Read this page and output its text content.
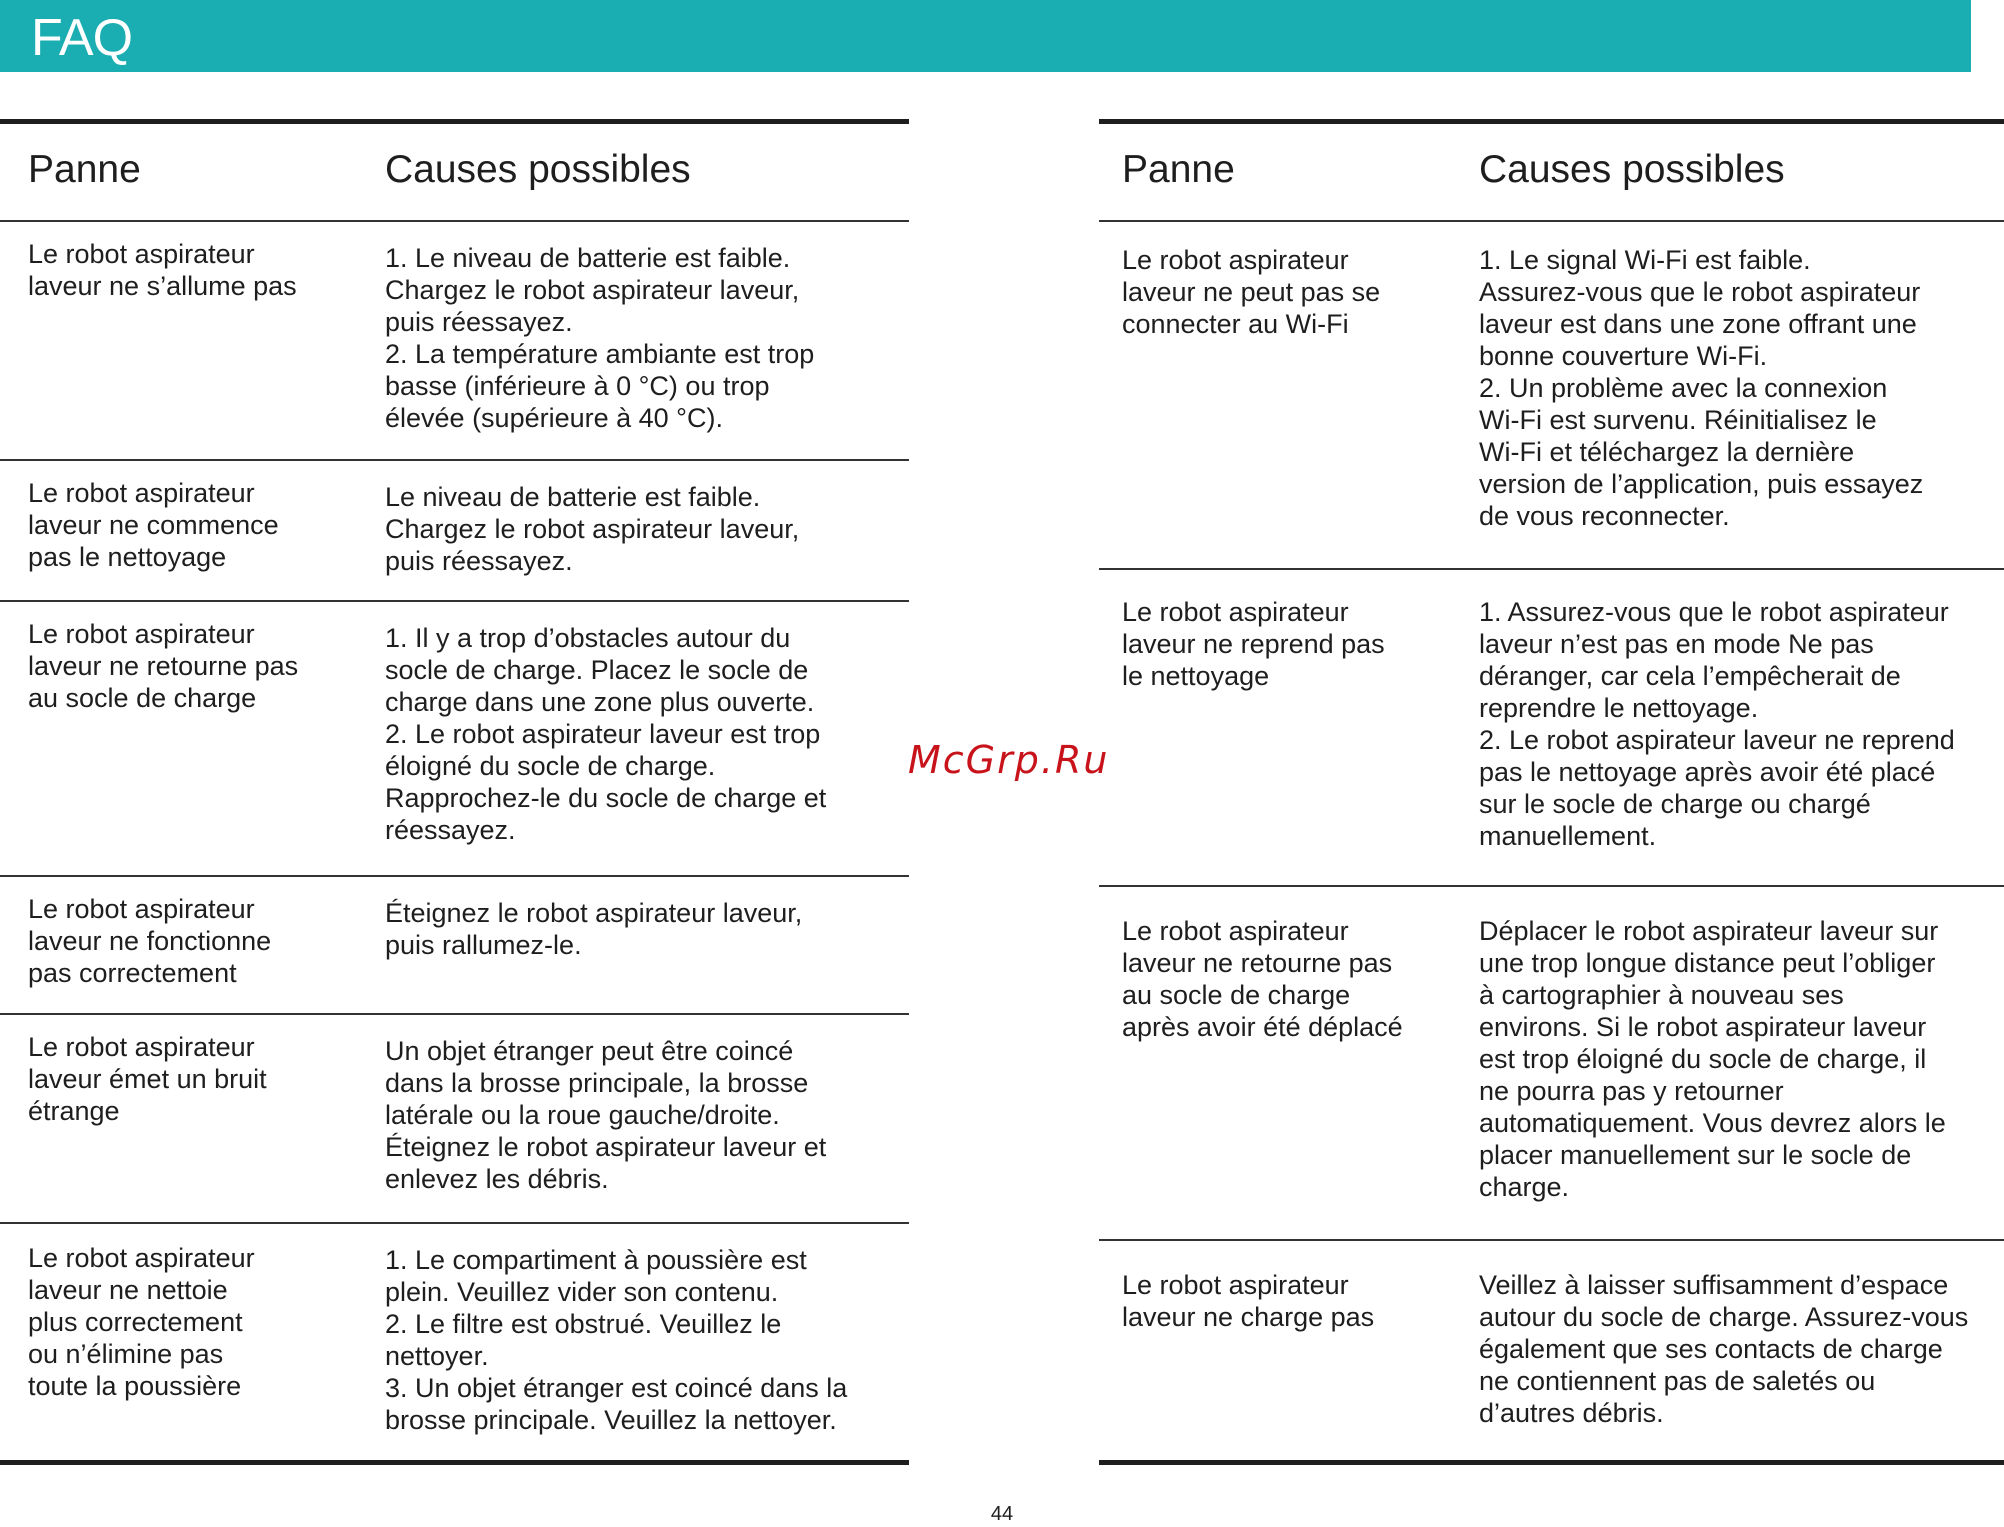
FAQ
Panne	Causes possibles
Le robot aspirateur
laveur ne s’allume pas
1. Le niveau de batterie est faible.
Chargez le robot aspirateur laveur,
puis réessayez.
2. La température ambiante est trop
basse (inférieure à 0 °C) ou trop
élevée (supérieure à 40 °C).
Le robot aspirateur
laveur ne commence
pas le nettoyage
Le niveau de batterie est faible.
Chargez le robot aspirateur laveur,
puis réessayez.
Le robot aspirateur
laveur ne retourne pas
au socle de charge
1. Il y a trop d’obstacles autour du
socle de charge. Placez le socle de
charge dans une zone plus ouverte.
2. Le robot aspirateur laveur est trop
éloigné du socle de charge.
Rapprochez-le du socle de charge et
réessayez.
Le robot aspirateur
laveur ne fonctionne
pas correctement
Éteignez le robot aspirateur laveur,
puis rallumez-le.
Le robot aspirateur
laveur émet un bruit
étrange
Un objet étranger peut être coincé
dans la brosse principale, la brosse
latérale ou la roue gauche/droite.
Éteignez le robot aspirateur laveur et
enlevez les débris.
Le robot aspirateur
laveur ne nettoie
plus correctement
ou n’élimine pas
toute la poussière
1. Le compartiment à poussière est
plein. Veuillez vider son contenu.
2. Le filtre est obstrué. Veuillez le
nettoyer.
3. Un objet étranger est coincé dans la
brosse principale. Veuillez la nettoyer.
Panne	Causes possibles
Le robot aspirateur
laveur ne peut pas se
connecter au Wi-Fi
1. Le signal Wi-Fi est faible.
Assurez-vous que le robot aspirateur
laveur est dans une zone offrant une
bonne couverture Wi-Fi.
2. Un problème avec la connexion
Wi-Fi est survenu. Réinitialisez le
Wi-Fi et téléchargez la dernière
version de l’application, puis essayez
de vous reconnecter.
Le robot aspirateur
laveur ne reprend pas
le nettoyage
1. Assurez-vous que le robot aspirateur
laveur n’est pas en mode Ne pas
déranger, car cela l’empêcherait de
reprendre le nettoyage.
2. Le robot aspirateur laveur ne reprend
pas le nettoyage après avoir été placé
sur le socle de charge ou chargé
manuellement.
Le robot aspirateur
laveur ne retourne pas
au socle de charge
après avoir été déplacé
Déplacer le robot aspirateur laveur sur
une trop longue distance peut l’obliger
à cartographier à nouveau ses
environs. Si le robot aspirateur laveur
est trop éloigné du socle de charge, il
ne pourra pas y retourner
automatiquement. Vous devrez alors le
placer manuellement sur le socle de
charge.
Le robot aspirateur
laveur ne charge pas
Veillez à laisser suffisamment d’espace
autour du socle de charge. Assurez-vous
également que ses contacts de charge
ne contiennent pas de saletés ou
d’autres débris.
McGrp.Ru
44
